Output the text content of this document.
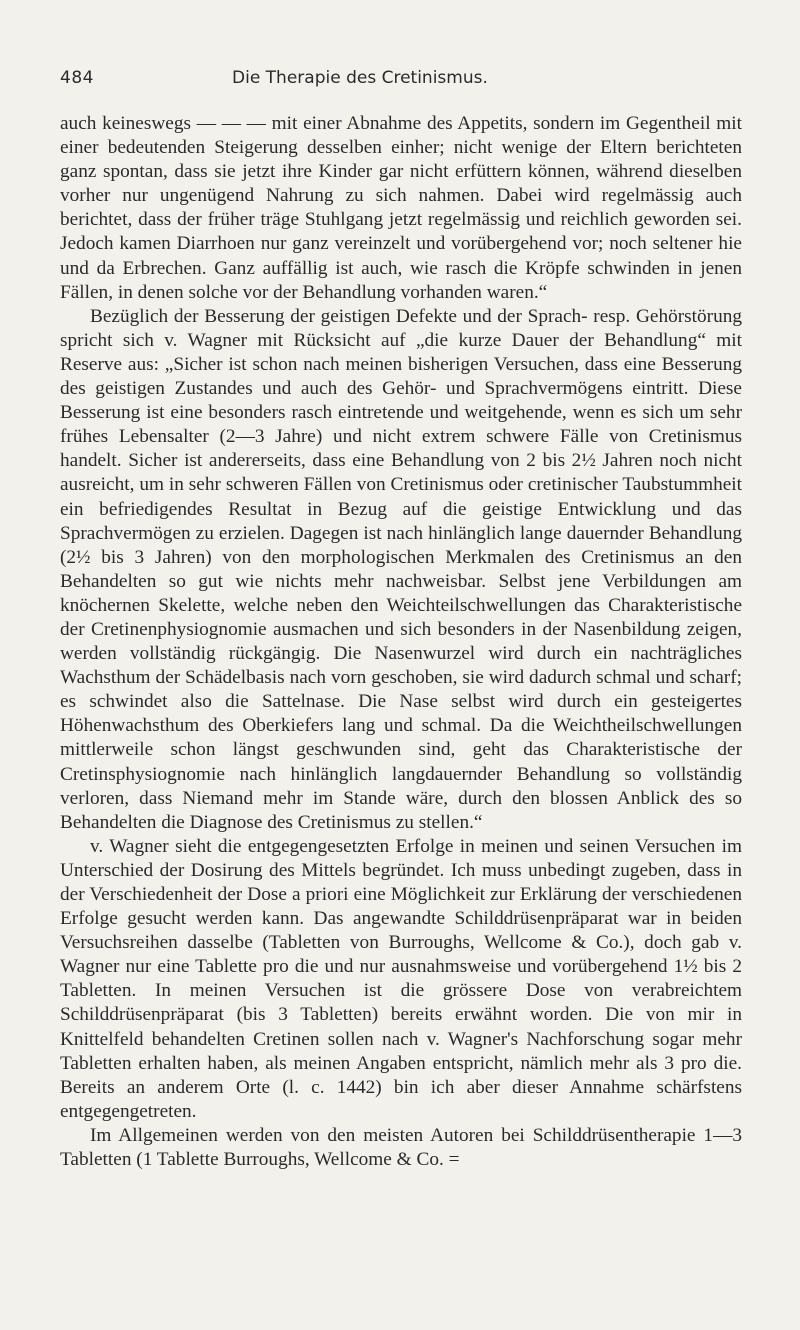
484	Die Therapie des Cretinismus.

auch keineswegs — — — mit einer Abnahme des Appetits, sondern im Gegentheil mit einer bedeutenden Steigerung desselben einher; nicht wenige der Eltern berichteten ganz spontan, dass sie jetzt ihre Kinder gar nicht erfüttern können, während dieselben vorher nur ungenügend Nahrung zu sich nahmen. Dabei wird regelmässig auch berichtet, dass der früher träge Stuhlgang jetzt regelmässig und reichlich geworden sei. Jedoch kamen Diarrhoen nur ganz vereinzelt und vorübergehend vor; noch seltener hie und da Erbrechen. Ganz auffällig ist auch, wie rasch die Kröpfe schwinden in jenen Fällen, in denen solche vor der Behandlung vorhanden waren.“

Bezüglich der Besserung der geistigen Defekte und der Sprach- resp. Gehörstörung spricht sich v. Wagner mit Rücksicht auf „die kurze Dauer der Behandlung“ mit Reserve aus: „Sicher ist schon nach meinen bisherigen Versuchen, dass eine Besserung des geistigen Zustandes und auch des Gehör- und Sprachvermögens eintritt. Diese Besserung ist eine besonders rasch eintretende und weitgehende, wenn es sich um sehr frühes Lebensalter (2—3 Jahre) und nicht extrem schwere Fälle von Cretinismus handelt. Sicher ist andererseits, dass eine Behandlung von 2 bis 2½ Jahren noch nicht ausreicht, um in sehr schweren Fällen von Cretinismus oder cretinischer Taubstummheit ein befriedigendes Resultat in Bezug auf die geistige Entwicklung und das Sprachvermögen zu erzielen. Dagegen ist nach hinlänglich lange dauernder Behandlung (2½ bis 3 Jahren) von den morphologischen Merkmalen des Cretinismus an den Behandelten so gut wie nichts mehr nachweisbar. Selbst jene Verbildungen am knöchernen Skelette, welche neben den Weichteilschwellungen das Charakteristische der Cretinenphysiognomie ausmachen und sich besonders in der Nasenbildung zeigen, werden vollständig rückgängig. Die Nasenwurzel wird durch ein nachträgliches Wachsthum der Schädelbasis nach vorn geschoben, sie wird dadurch schmal und scharf; es schwindet also die Sattelnase. Die Nase selbst wird durch ein gesteigertes Höhenwachsthum des Oberkiefers lang und schmal. Da die Weichtheilschwellungen mittlerweile schon längst geschwunden sind, geht das Charakteristische der Cretinsphysiognomie nach hinlänglich langdauernder Behandlung so vollständig verloren, dass Niemand mehr im Stande wäre, durch den blossen Anblick des so Behandelten die Diagnose des Cretinismus zu stellen.“

v. Wagner sieht die entgegengesetzten Erfolge in meinen und seinen Versuchen im Unterschied der Dosirung des Mittels begründet. Ich muss unbedingt zugeben, dass in der Verschiedenheit der Dose a priori eine Möglichkeit zur Erklärung der verschiedenen Erfolge gesucht werden kann. Das angewandte Schilddrüsenpräparat war in beiden Versuchsreihen dasselbe (Tabletten von Burroughs, Wellcome & Co.), doch gab v. Wagner nur eine Tablette pro die und nur ausnahmsweise und vorübergehend 1½ bis 2 Tabletten. In meinen Versuchen ist die grössere Dose von verabreichtem Schilddrüsenpräparat (bis 3 Tabletten) bereits erwähnt worden. Die von mir in Knittelfeld behandelten Cretinen sollen nach v. Wagner's Nachforschung sogar mehr Tabletten erhalten haben, als meinen Angaben entspricht, nämlich mehr als 3 pro die. Bereits an anderem Orte (l. c. 1442) bin ich aber dieser Annahme schärfstens entgegengetreten.

Im Allgemeinen werden von den meisten Autoren bei Schilddrüsentherapie 1—3 Tabletten (1 Tablette Burroughs, Wellcome & Co. =
